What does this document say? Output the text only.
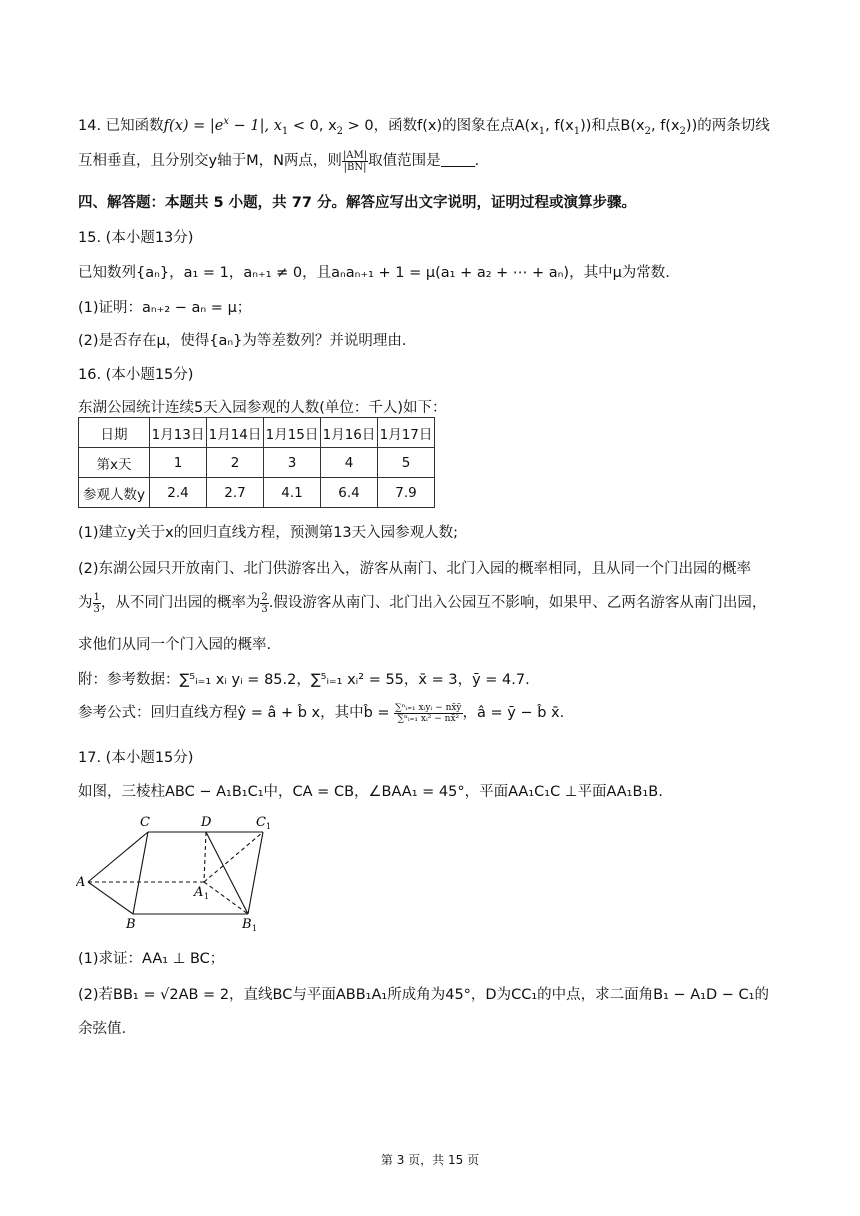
14. 已知函数$f(x) = |e^x - 1|$, $x_1 < 0$, $x_2 > 0$，函数f(x)的图象在点$A(x_1$, $f(x_1)$)和点$B(x_2$, $f(x_2)$)的两条切线
互相垂直，且分别交y轴于M，N两点，则 $\frac{|AM|}{|BN|}$ 取值范围是 .
四、解答题：本题共 5 小题，共 77 分。解答应写出文字说明，证明过程或演算步骤。
15. (本小题13分)
已知数列{aₙ}，a₁ = 1，aₙ₊₁ ≠ 0，且aₙaₙ₊₁ + 1 = μ(a₁ + a₂ + ⋯ + aₙ)，其中μ为常数.
(1)证明：aₙ₊₂ − aₙ = μ；
(2)是否存在μ，使得{aₙ}为等差数列？并说明理由.
16. (本小题15分)
东湖公园统计连续5天入园参观的人数(单位：千人)如下：
日期	1月13日	1月14日	1月15日	1月16日	1月17日
第x天	1	2	3	4	5
参观人数y	2.4	2.7	4.1	6.4	7.9
(1)建立y关于x的回归直线方程，预测第13天入园参观人数;
(2)东湖公园只开放南门、北门供游客出入，游客从南门、北门入园的概率相同，且从同一个门出园的概率
为 $\frac{1}{3}$ ，从不同门出园的概率为 $\frac{2}{3}$ .假设游客从南门、北门出入公园互不影响，如果甲、乙两名游客从南门出园，
求他们从同一个门入园的概率.
附：参考数据：∑⁵ᵢ₌₁ xᵢ yᵢ = 85.2，∑⁵ᵢ₌₁ xᵢ² = 55，x̄ = 3，ȳ = 4.7.
参考公式：回归直线方程ŷ = â + b̂ x，其中b̂ = $\frac{\text{∑ⁿᵢ₌₁ xᵢyᵢ − nx̄ȳ}}{\text{∑ⁿᵢ₌₁ xᵢ² − nx̄²}}$ ，â = ȳ − b̂ x̄.
17. (本小题15分)
如图，三棱柱ABC − A₁B₁C₁中，CA = CB，∠BAA₁ = 45°，平面AA₁C₁C ⊥平面AA₁B₁B.
C	D	C 1
A
A 1
B	B 1
(1)求证：AA₁ ⊥ BC；
(2)若BB₁ = √2AB = 2，直线BC与平面ABB₁A₁所成角为45°，D为CC₁的中点，求二面角B₁ − A₁D − C₁的
余弦值.
第 3 页，共 15 页
